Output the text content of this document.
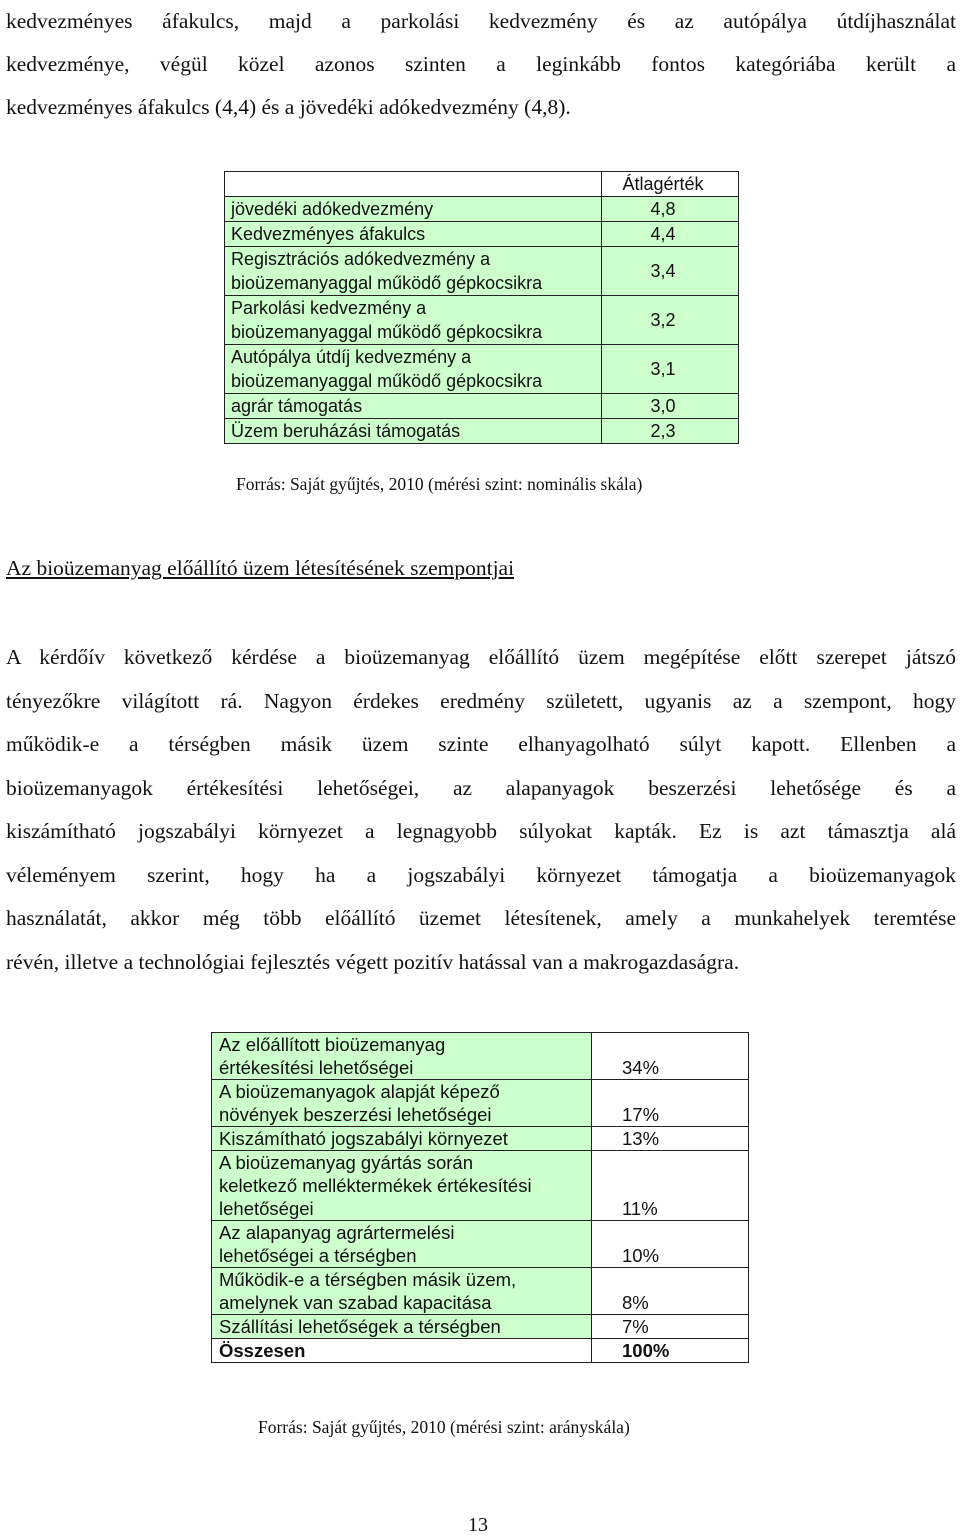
kedvezményes áfakulcs, majd a parkolási kedvezmény és az autópálya útdíjhasználat
kedvezménye, végül közel azonos szinten a leginkább fontos kategóriába került a
kedvezményes áfakulcs (4,4) és a jövedéki adókedvezmény (4,8).
	Átlagérték
jövedéki adókedvezmény	4,8
Kedvezményes áfakulcs	4,4
Regisztrációs adókedvezmény a
bioüzemanyaggal működő gépkocsikra	3,4
Parkolási kedvezmény a
bioüzemanyaggal működő gépkocsikra	3,2
Autópálya útdíj kedvezmény a
bioüzemanyaggal működő gépkocsikra	3,1
agrár támogatás	3,0
Üzem beruházási támogatás	2,3
Forrás: Saját gyűjtés, 2010 (mérési szint: nominális skála)
Az bioüzemanyag előállító üzem létesítésének szempontjai
A kérdőív következő kérdése a bioüzemanyag előállító üzem megépítése előtt szerepet játszó
tényezőkre világított rá. Nagyon érdekes eredmény született, ugyanis az a szempont, hogy
működik-e a térségben másik üzem szinte elhanyagolható súlyt kapott. Ellenben a
bioüzemanyagok értékesítési lehetőségei, az alapanyagok beszerzési lehetősége és a
kiszámítható jogszabályi környezet a legnagyobb súlyokat kapták. Ez is azt támasztja alá
véleményem szerint, hogy ha a jogszabályi környezet támogatja a bioüzemanyagok
használatát, akkor még több előállító üzemet létesítenek, amely a munkahelyek teremtése
révén, illetve a technológiai fejlesztés végett pozitív hatással van a makrogazdaságra.
Az előállított bioüzemanyag
értékesítési lehetőségei	34%
A bioüzemanyagok alapját képező
növények beszerzési lehetőségei	17%
Kiszámítható jogszabályi környezet	13%
A bioüzemanyag gyártás során
keletkező melléktermékek értékesítési
lehetőségei	11%
Az alapanyag agrártermelési
lehetőségei a térségben	10%
Működik-e a térségben másik üzem,
amelynek van szabad kapacitása	8%
Szállítási lehetőségek a térségben	7%
Összesen	100%
Forrás: Saját gyűjtés, 2010 (mérési szint: arányskála)
13
